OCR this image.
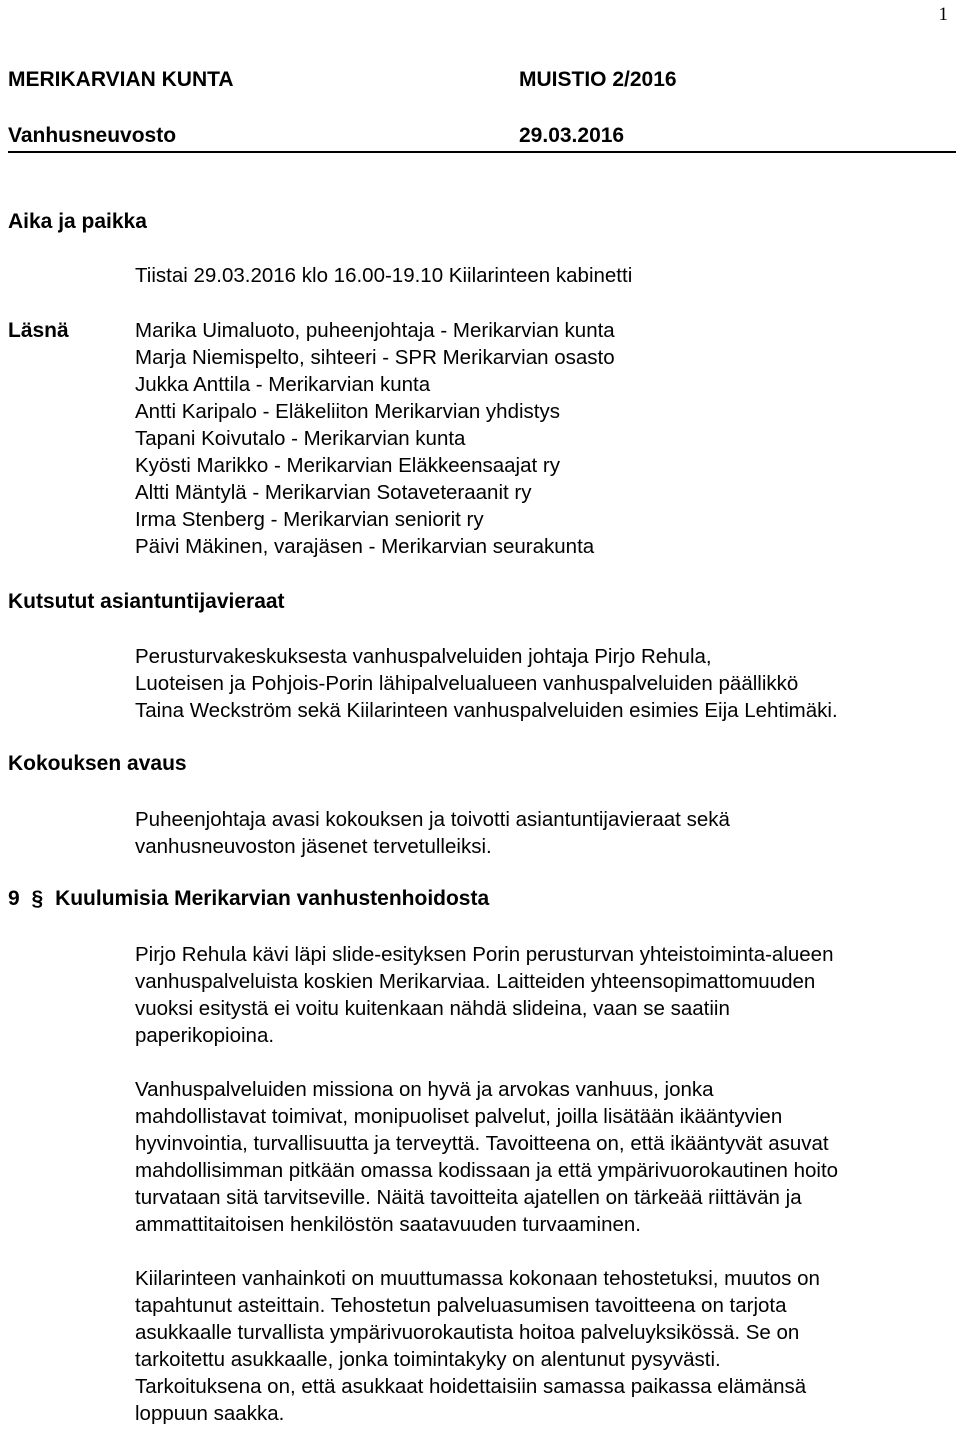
1
MERIKARVIAN KUNTA	MUISTIO 2/2016
Vanhusneuvosto	29.03.2016
Aika ja paikka
Tiistai 29.03.2016 klo 16.00-19.10 Kiilarinteen kabinetti
Läsnä	Marika Uimaluoto, puheenjohtaja - Merikarvian kunta
Marja Niemispelto, sihteeri - SPR Merikarvian osasto
Jukka Anttila - Merikarvian kunta
Antti Karipalo - Eläkeliiton Merikarvian yhdistys
Tapani Koivutalo - Merikarvian kunta
Kyösti Marikko - Merikarvian Eläkkeensaajat ry
Altti Mäntylä - Merikarvian Sotaveteraanit ry
Irma Stenberg - Merikarvian seniorit ry
Päivi Mäkinen, varajäsen - Merikarvian seurakunta
Kutsutut asiantuntijavieraat
Perusturvakeskuksesta vanhuspalveluiden johtaja Pirjo Rehula,
Luoteisen ja Pohjois-Porin lähipalvelualueen vanhuspalveluiden päällikkö
Taina Weckström sekä Kiilarinteen vanhuspalveluiden esimies Eija Lehtimäki.
Kokouksen avaus
Puheenjohtaja avasi kokouksen ja toivotti asiantuntijavieraat sekä
vanhusneuvoston jäsenet tervetulleiksi.
9 § Kuulumisia Merikarvian vanhustenhoidosta

Pirjo Rehula kävi läpi slide-esityksen Porin perusturvan yhteistoiminta-alueen
vanhuspalveluista koskien Merikarviaa. Laitteiden yhteensopimattomuuden
vuoksi esitystä ei voitu kuitenkaan nähdä slideina, vaan se saatiin
paperikopioina.

Vanhuspalveluiden missiona on hyvä ja arvokas vanhuus, jonka
mahdollistavat toimivat, monipuoliset palvelut, joilla lisätään ikääntyvien
hyvinvointia, turvallisuutta ja terveyttä. Tavoitteena on, että ikääntyvät asuvat
mahdollisimman pitkään omassa kodissaan ja että ympärivuorokautinen hoito
turvataan sitä tarvitseville. Näitä tavoitteita ajatellen on tärkeää riittävän ja
ammattitaitoisen henkilöstön saatavuuden turvaaminen.

Kiilarinteen vanhainkoti on muuttumassa kokonaan tehostetuksi, muutos on
tapahtunut asteittain. Tehostetun palveluasumisen tavoitteena on tarjota
asukkaalle turvallista ympärivuorokautista hoitoa palveluyksikössä. Se on
tarkoitettu asukkaalle, jonka toimintakyky on alentunut pysyvästi.
Tarkoituksena on, että asukkaat hoidettaisiin samassa paikassa elämänsä
loppuun saakka.
